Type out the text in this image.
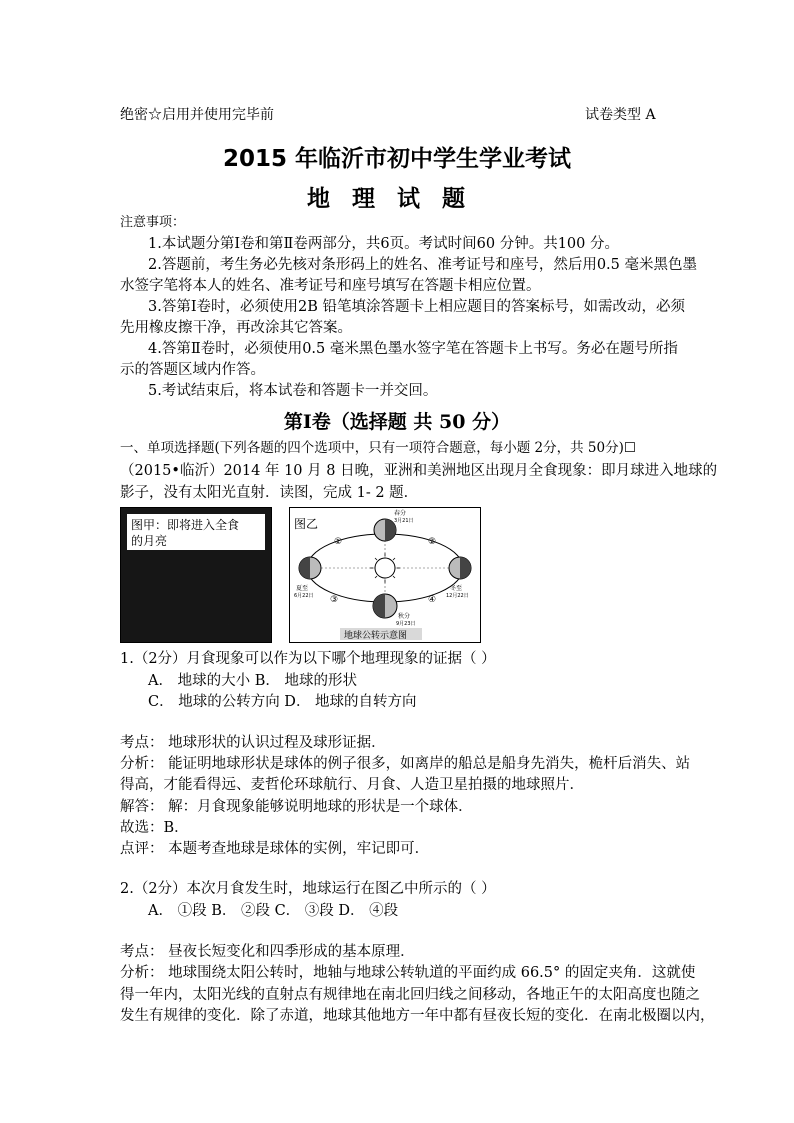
绝密☆启用并使用完毕前	试卷类型 A
2015 年临沂市初中学生学业考试
地理试题
注意事项：
1.本试题分第Ⅰ卷和第Ⅱ卷两部分，共6页。考试时间60 分钟。共100 分。
2.答题前，考生务必先核对条形码上的姓名、准考证号和座号，然后用0.5 毫米黑色墨
水签字笔将本人的姓名、准考证号和座号填写在答题卡相应位置。
3.答第Ⅰ卷时，必须使用2B 铅笔填涂答题卡上相应题目的答案标号，如需改动，必须
先用橡皮擦干净，再改涂其它答案。
4.答第Ⅱ卷时，必须使用0.5 毫米黑色墨水签字笔在答题卡上书写。务必在题号所指
示的答题区域内作答。
5.考试结束后，将本试卷和答题卡一并交回。
第Ⅰ卷（选择题 共 50 分）
一、单项选择题(下列各题的四个选项中，只有一项符合题意，每小题 2分，共 50分)☐
（2015•临沂）2014 年 10 月 8 日晚，亚洲和美洲地区出现月全食现象：即月球进入地球的
影子，没有太阳光直射．读图，完成 1- 2 题．
图甲：即将进入全食
的月亮
图乙
春分
3月21日
夏至
6月22日
秋分
9月23日
冬至
12月22日
①	②
③	④
地球公转示意图
1.（2分）月食现象可以作为以下哪个地理现象的证据（ ）
A． 地球的大小 B． 地球的形状
C． 地球的公转方向 D． 地球的自转方向
考点： 地球形状的认识过程及球形证据．
分析： 能证明地球形状是球体的例子很多，如离岸的船总是船身先消失，桅杆后消失、站
得高，才能看得远、麦哲伦环球航行、月食、人造卫星拍摄的地球照片．
解答： 解：月食现象能够说明地球的形状是一个球体．
故选：B．
点评： 本题考查地球是球体的实例，牢记即可．
2.（2分）本次月食发生时，地球运行在图乙中所示的（ ）
A． ①段 B． ②段 C． ③段 D． ④段
考点： 昼夜长短变化和四季形成的基本原理．
分析： 地球围绕太阳公转时，地轴与地球公转轨道的平面约成 66.5° 的固定夹角．这就使
得一年内，太阳光线的直射点有规律地在南北回归线之间移动，各地正午的太阳高度也随之
发生有规律的变化．除了赤道，地球其他地方一年中都有昼夜长短的变化．在南北极圈以内，
